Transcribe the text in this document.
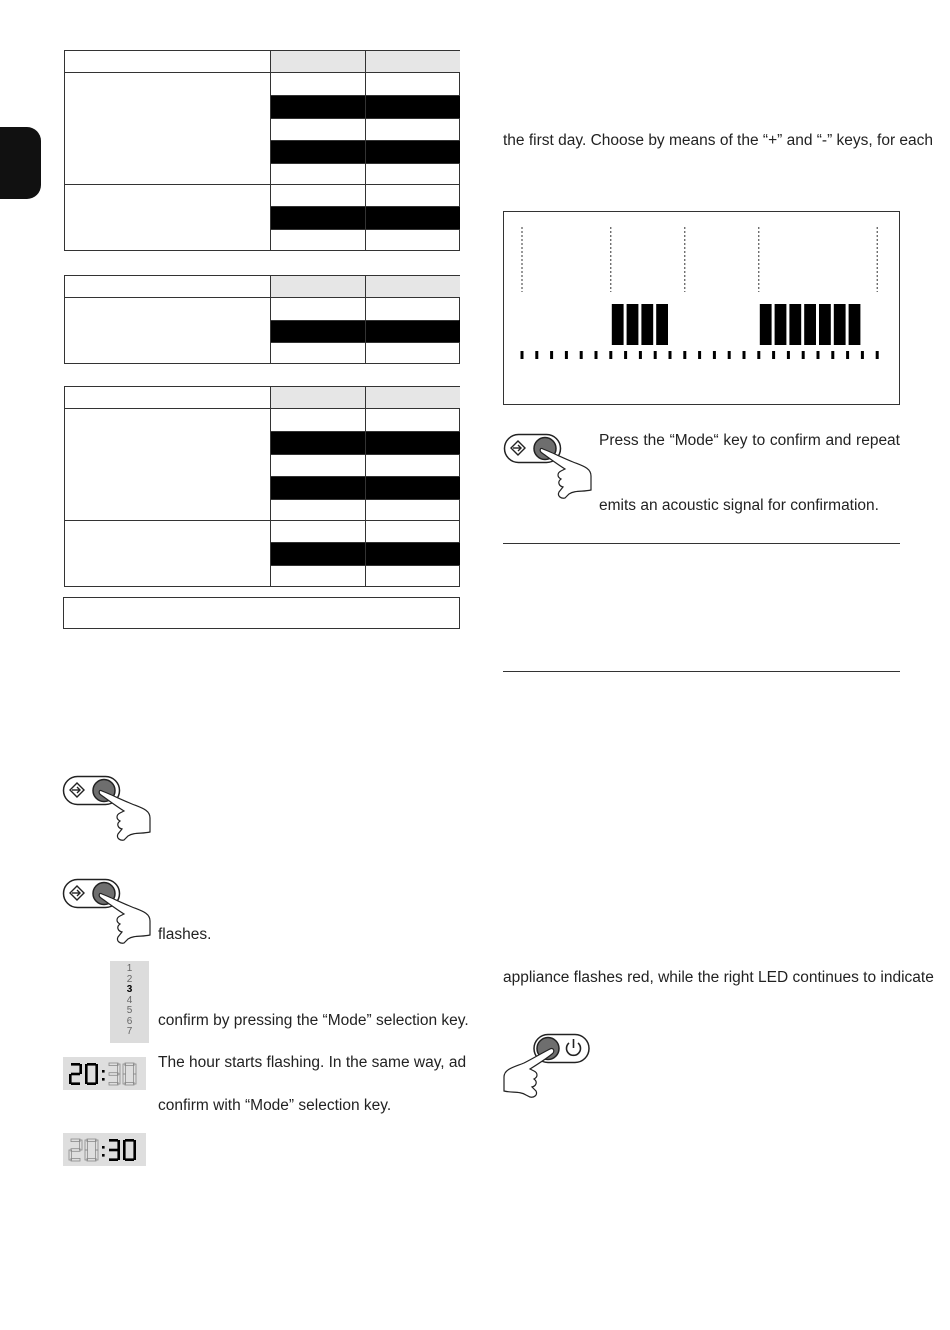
the first day. Choose by means of the “+” and “-” keys, for each
Press the “Mode“ key to confirm and repeat
emits an acoustic signal for confirmation.
flashes.
1
2
3
4
5
6
7
confirm by pressing the “Mode” selection key.
The hour starts flashing. In the same way, ad
confirm with “Mode” selection key.
appliance flashes red, while the right LED continues to indicate
